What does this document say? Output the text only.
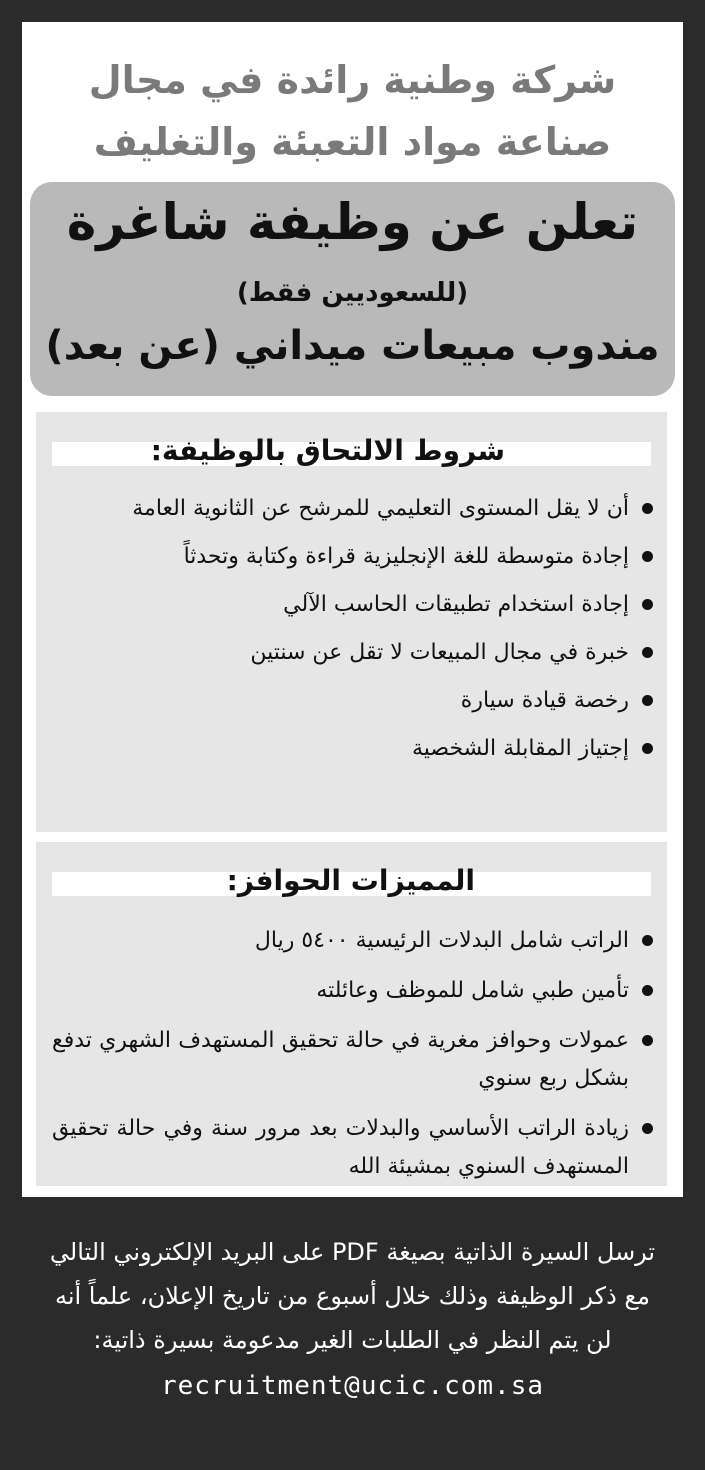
شركة وطنية رائدة في مجال
صناعة مواد التعبئة والتغليف
تعلن عن وظيفة شاغرة
(للسعوديين فقط)
مندوب مبيعات ميداني (عن بعد)
شروط الالتحاق بالوظيفة:
أن لا يقل المستوى التعليمي للمرشح عن الثانوية العامة
إجادة متوسطة للغة الإنجليزية قراءة وكتابة وتحدثاً
إجادة استخدام تطبيقات الحاسب الآلي
خبرة في مجال المبيعات لا تقل عن سنتين
رخصة قيادة سيارة
إجتياز المقابلة الشخصية
المميزات الحوافز:
الراتب شامل البدلات الرئيسية ٥٤٠٠ ريال
تأمين طبي شامل للموظف وعائلته
عمولات وحوافز مغرية في حالة تحقيق المستهدف الشهري تدفع بشكل ربع سنوي
زيادة الراتب الأساسي والبدلات بعد مرور سنة وفي حالة تحقيق المستهدف السنوي بمشيئة الله
ترسل السيرة الذاتية بصيغة PDF على البريد الإلكتروني التالي مع ذكر الوظيفة وذلك خلال أسبوع من تاريخ الإعلان، علماً أنه لن يتم النظر في الطلبات الغير مدعومة بسيرة ذاتية:
recruitment@ucic.com.sa
